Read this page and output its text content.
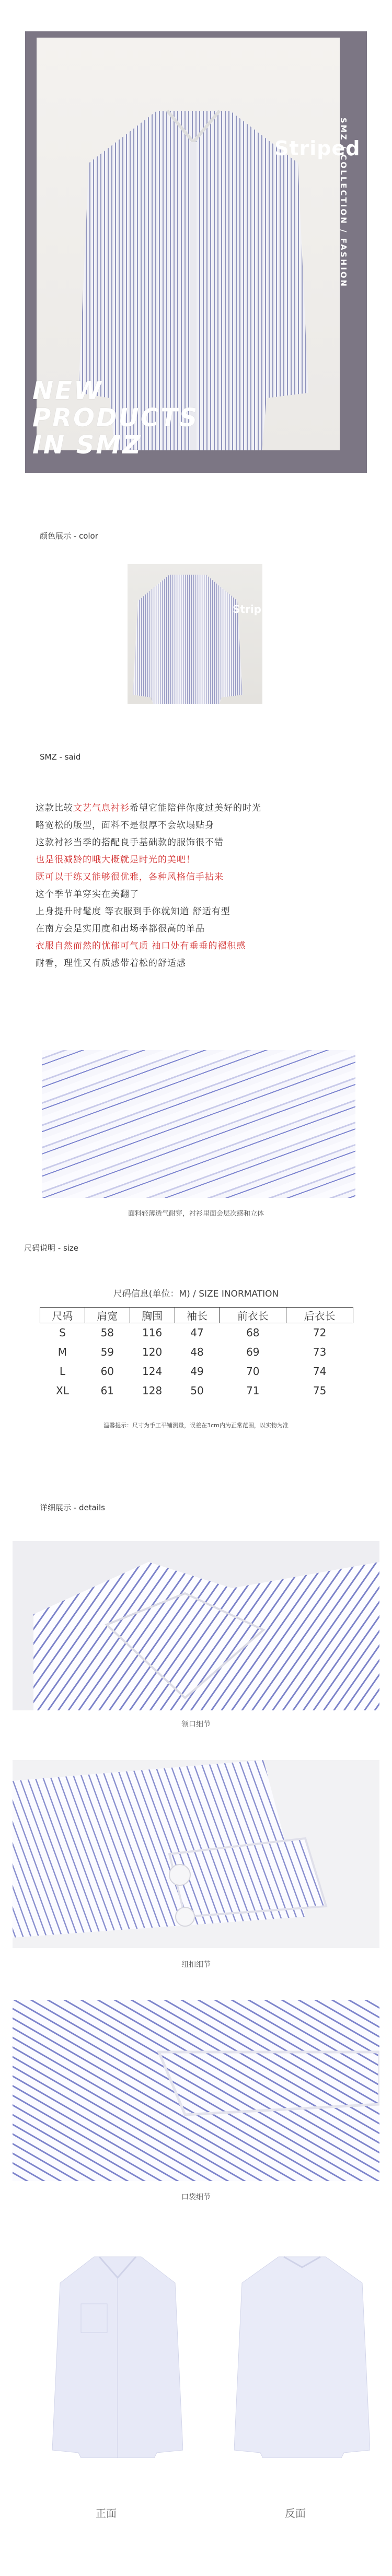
Striped
SMZ / COLLECTION / FASHION
NEW
PRODUCTS
IN SMZ
颜色展示 - color
Strip
SMZ - said
这款比较文艺气息衬衫希望它能陪伴你度过美好的时光
略宽松的版型，面料不是很厚不会软塌贴身
这款衬衫当季的搭配良手基础款的服饰很不错
也是很减龄的哦大概就是时光的美吧！
既可以干练又能够很优雅，各种风格信手拈来
这个季节单穿实在美翻了
上身提升时髦度 等衣服到手你就知道 舒适有型
在南方会是实用度和出场率都很高的单品
衣服自然而然的忧郁可气质 袖口处有垂垂的褶积感
耐看，理性又有质感带着松的舒适感
面料轻薄透气耐穿，衬衫里面会层次感和立体
尺码说明 - size
尺码信息(单位：M) / SIZE INORMATION
尺码	肩宽	胸围	袖长	前衣长	后衣长
S	58	116	47	68	72
M	59	120	48	69	73
L	60	124	49	70	74
XL	61	128	50	71	75
温馨提示：尺寸为手工平铺测量，误差在3cm内为正常范围，以实物为准
详细展示 - details
领口细节
纽扣细节
口袋细节
正面	反面
